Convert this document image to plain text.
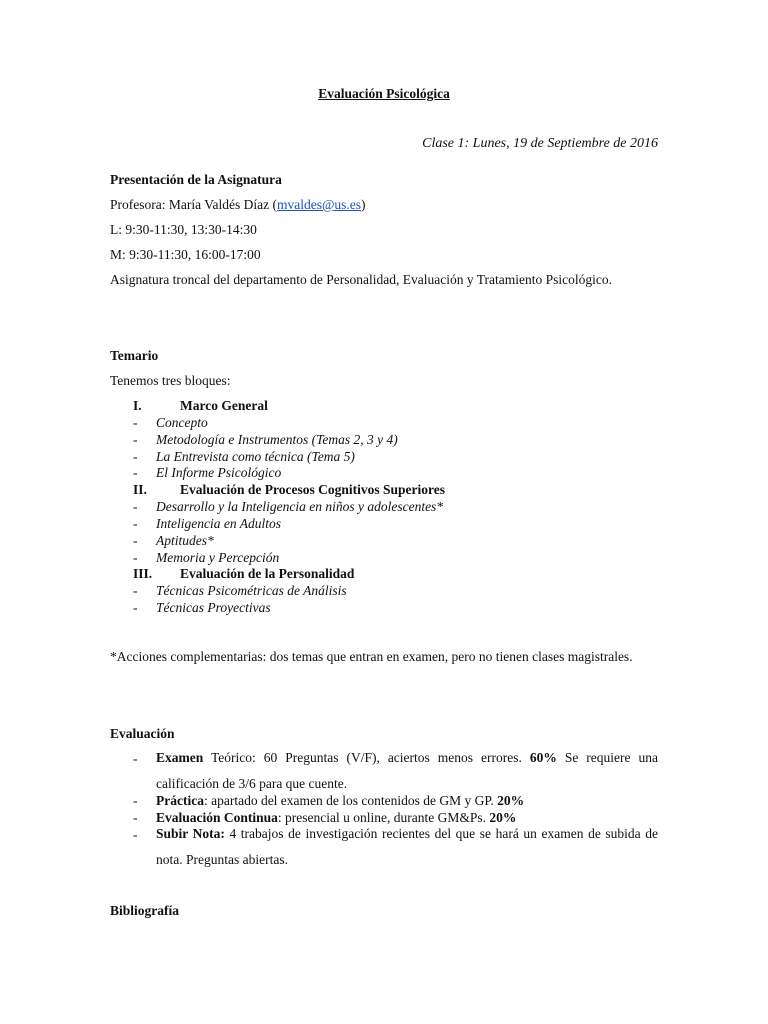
Evaluación Psicológica
Clase 1: Lunes, 19 de Septiembre de 2016
Presentación de la Asignatura
Profesora: María Valdés Díaz (mvaldes@us.es)
L: 9:30-11:30, 13:30-14:30
M: 9:30-11:30, 16:00-17:00
Asignatura troncal del departamento de Personalidad, Evaluación y Tratamiento Psicológico.
Temario
Tenemos tres bloques:
I.	Marco General
- Concepto
- Metodología e Instrumentos (Temas 2, 3 y 4)
- La Entrevista como técnica (Tema 5)
- El Informe Psicológico
II. Evaluación de Procesos Cognitivos Superiores
- Desarrollo y la Inteligencia en niños y adolescentes*
- Inteligencia en Adultos
- Aptitudes*
- Memoria y Percepción
III. Evaluación de la Personalidad
- Técnicas Psicométricas de Análisis
- Técnicas Proyectivas
*Acciones complementarias: dos temas que entran en examen, pero no tienen clases magistrales.
Evaluación
- Examen Teórico: 60 Preguntas (V/F), aciertos menos errores. 60% Se requiere una calificación de 3/6 para que cuente.
- Práctica: apartado del examen de los contenidos de GM y GP. 20%
- Evaluación Continua: presencial u online, durante GM&Ps. 20%
- Subir Nota: 4 trabajos de investigación recientes del que se hará un examen de subida de nota. Preguntas abiertas.
Bibliografía
